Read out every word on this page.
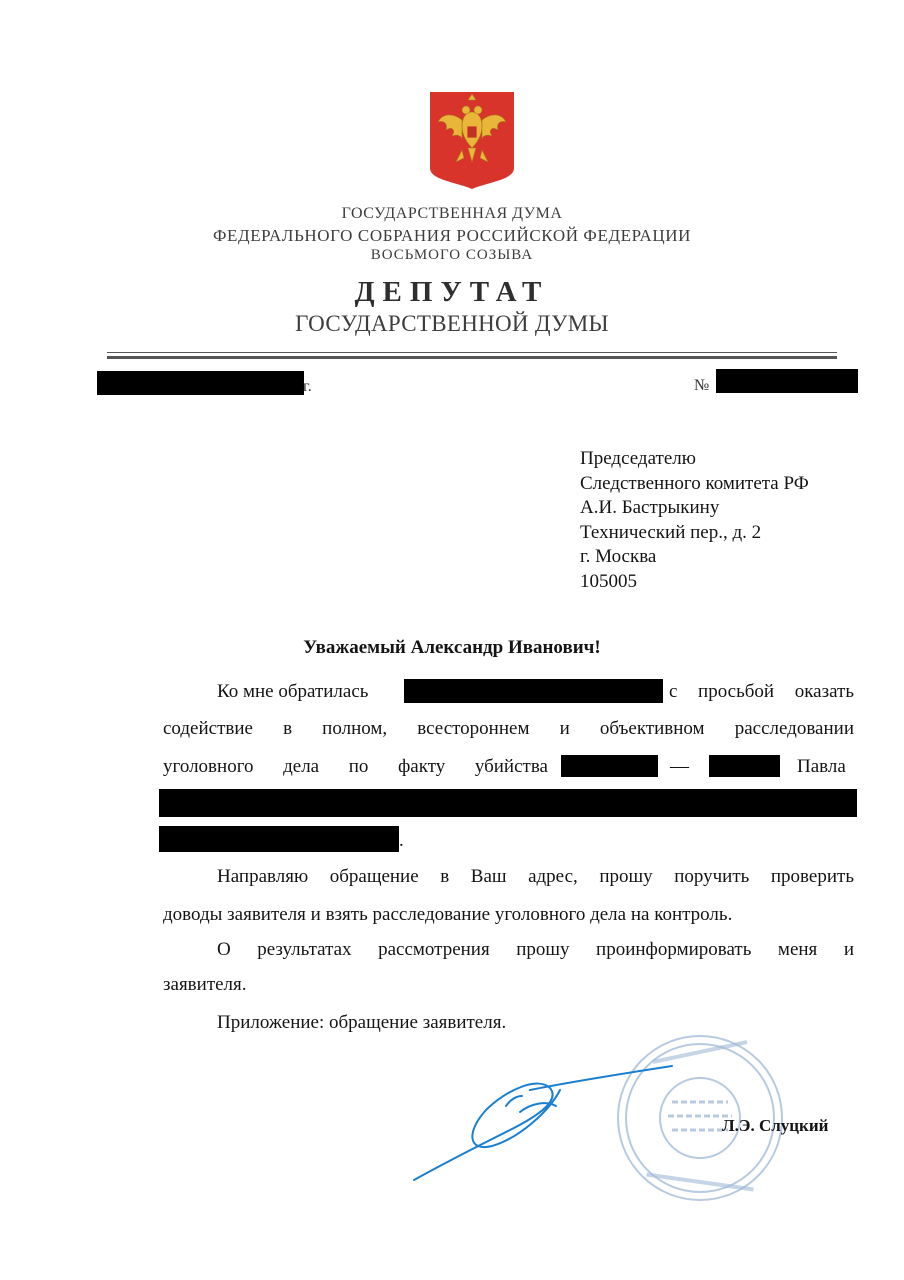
ГОСУДАРСТВЕННАЯ ДУМА
ФЕДЕРАЛЬНОГО СОБРАНИЯ РОССИЙСКОЙ ФЕДЕРАЦИИ
ВОСЬМОГО СОЗЫВА
ДЕПУТАТ
ГОСУДАРСТВЕННОЙ ДУМЫ
г.	№
Председателю
Следственного комитета РФ
А.И. Бастрыкину
Технический пер., д. 2
г. Москва
105005
Уважаемый Александр Иванович!
Ко мне обратилась	с просьбой оказать
содействие в полном, всестороннем и объективном расследовании
уголовного дела по факту убийства	—	Павла
.
Направляю обращение в Ваш адрес, прошу поручить проверить
доводы заявителя и взять расследование уголовного дела на контроль.
О результатах рассмотрения прошу проинформировать меня и
заявителя.
Приложение: обращение заявителя.
Л.Э. Слуцкий
